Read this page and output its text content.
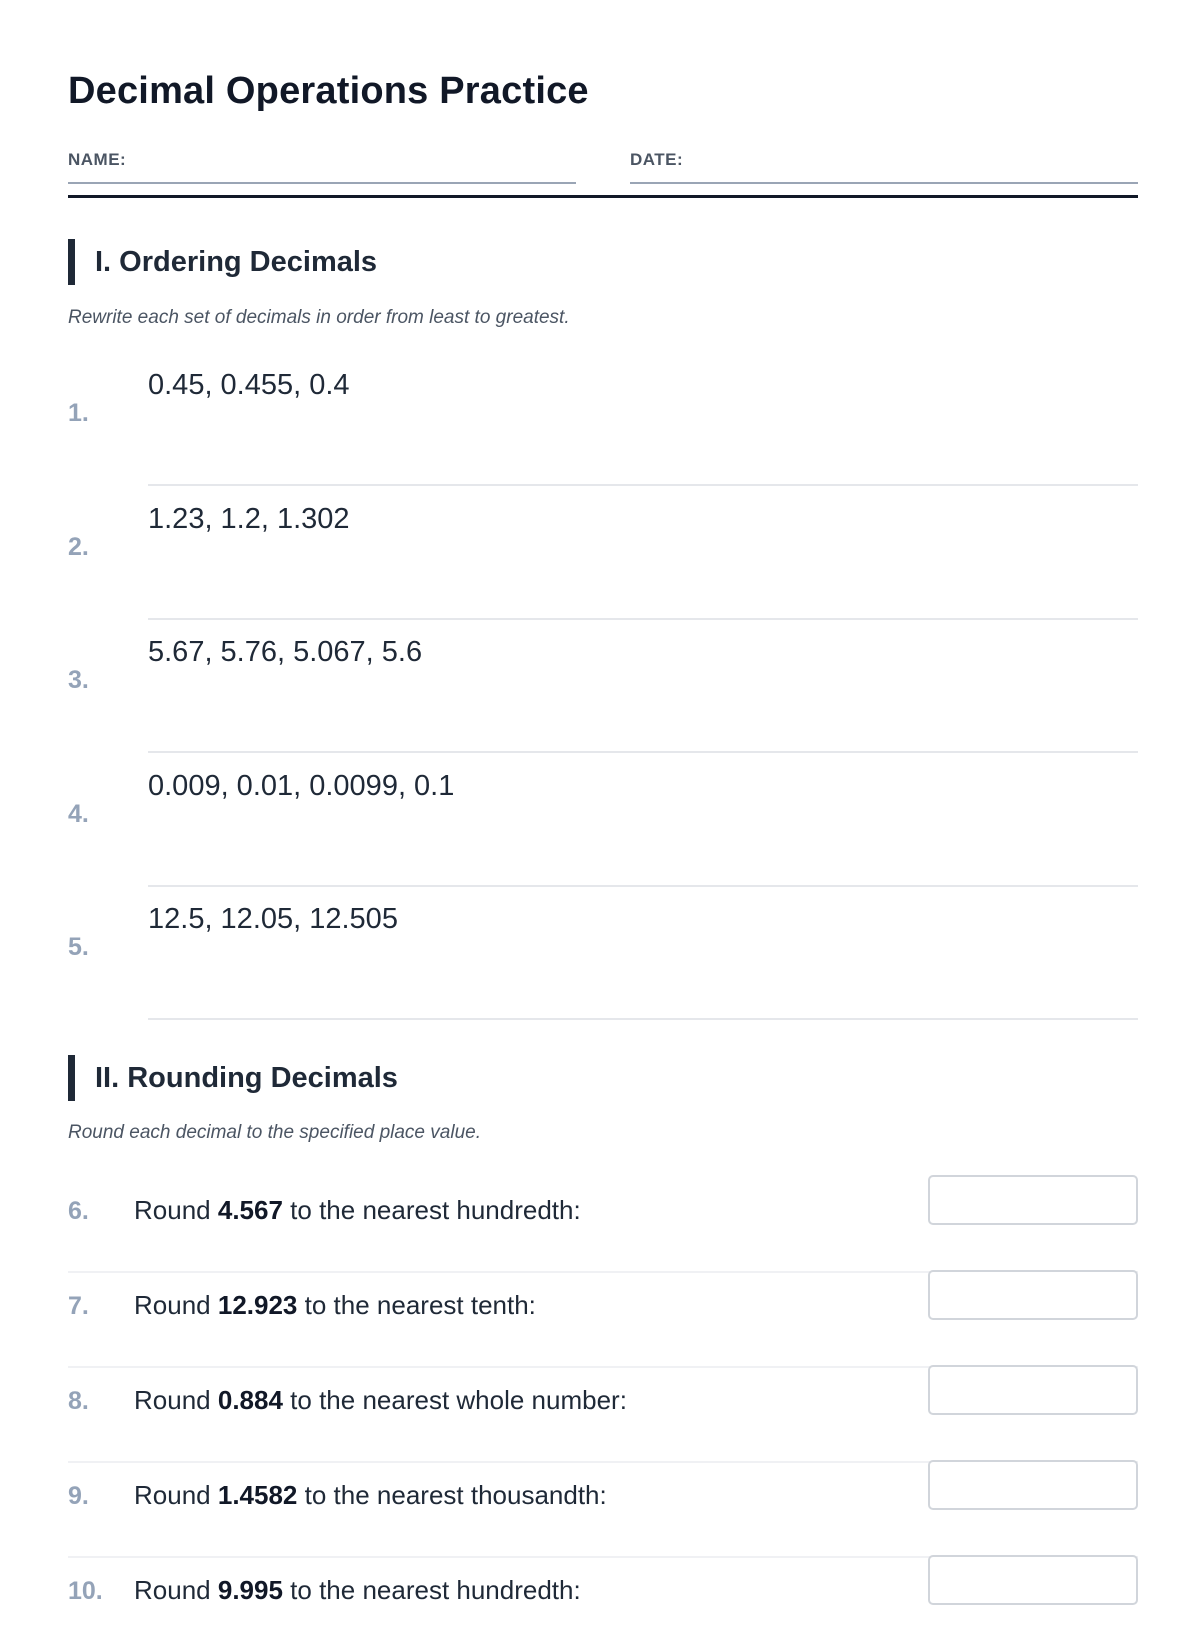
Decimal Operations Practice
NAME:	DATE:
I. Ordering Decimals
Rewrite each set of decimals in order from least to greatest.
1.
0.45, 0.455, 0.4
2.
1.23, 1.2, 1.302
3.
5.67, 5.76, 5.067, 5.6
4.
0.009, 0.01, 0.0099, 0.1
5.
12.5, 12.05, 12.505
II. Rounding Decimals
Round each decimal to the specified place value.
6. Round 4.567 to the nearest hundredth:
7. Round 12.923 to the nearest tenth:
8. Round 0.884 to the nearest whole number:
9. Round 1.4582 to the nearest thousandth:
10. Round 9.995 to the nearest hundredth:
